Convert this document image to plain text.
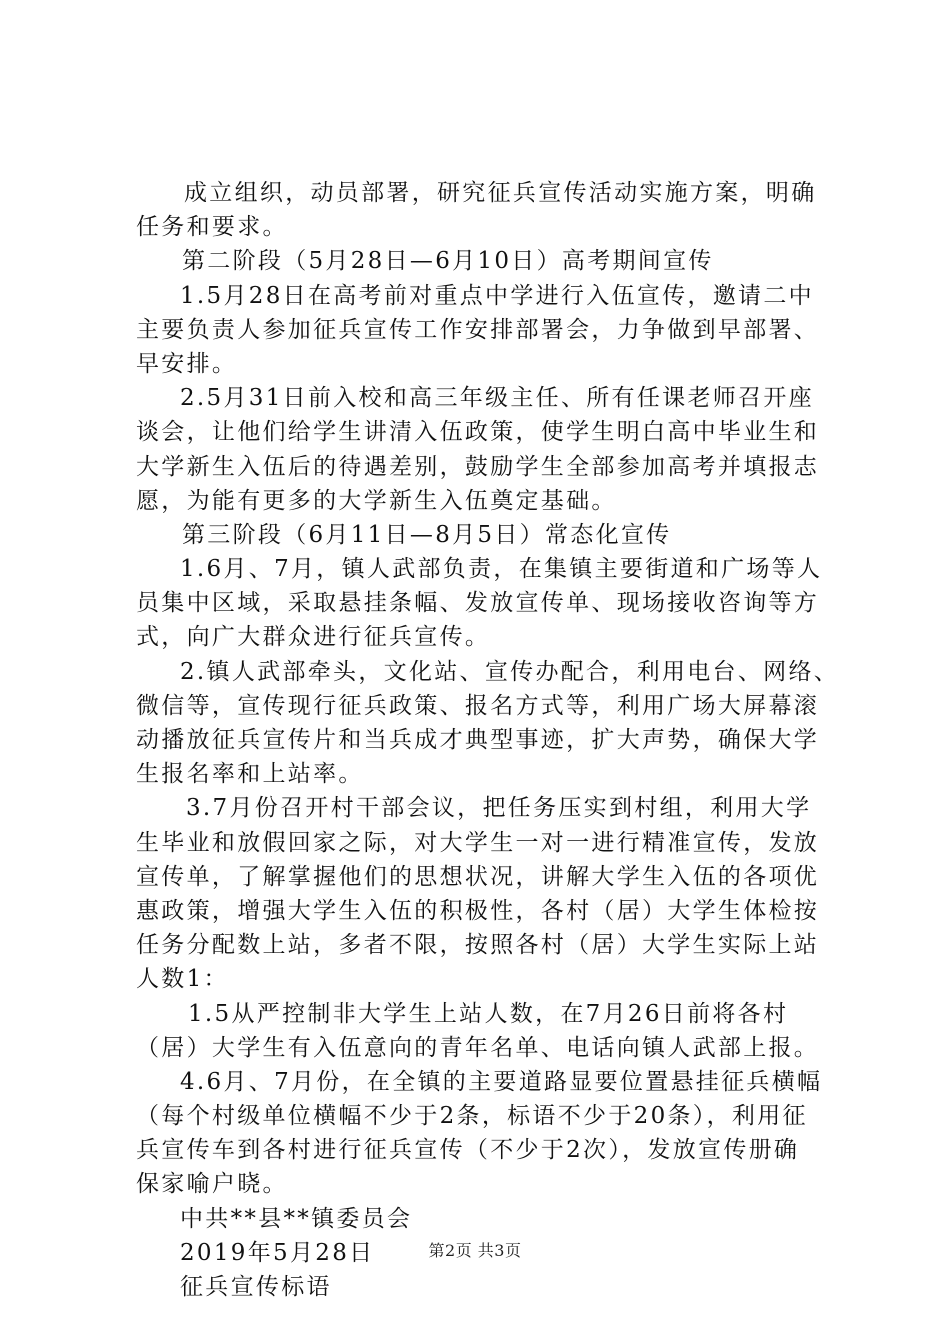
成立组织，动员部署，研究征兵宣传活动实施方案，明确

任务和要求。

第二阶段（5月28日—6月10日）高考期间宣传

1.5月28日在高考前对重点中学进行入伍宣传，邀请二中

主要负责人参加征兵宣传工作安排部署会，力争做到早部署、

早安排。

2.5月31日前入校和高三年级主任、所有任课老师召开座

谈会，让他们给学生讲清入伍政策，使学生明白高中毕业生和

大学新生入伍后的待遇差别，鼓励学生全部参加高考并填报志

愿，为能有更多的大学新生入伍奠定基础。

第三阶段（6月11日—8月5日）常态化宣传

1.6月、7月，镇人武部负责，在集镇主要街道和广场等人

员集中区域，采取悬挂条幅、发放宣传单、现场接收咨询等方

式，向广大群众进行征兵宣传。

2.镇人武部牵头，文化站、宣传办配合，利用电台、网络、

微信等，宣传现行征兵政策、报名方式等，利用广场大屏幕滚

动播放征兵宣传片和当兵成才典型事迹，扩大声势，确保大学

生报名率和上站率。

3.7月份召开村干部会议，把任务压实到村组，利用大学

生毕业和放假回家之际，对大学生一对一进行精准宣传，发放

宣传单，了解掌握他们的思想状况，讲解大学生入伍的各项优

惠政策，增强大学生入伍的积极性，各村（居）大学生体检按

任务分配数上站，多者不限，按照各村（居）大学生实际上站

人数1：

1.5从严控制非大学生上站人数，在7月26日前将各村

（居）大学生有入伍意向的青年名单、电话向镇人武部上报。

4.6月、7月份，在全镇的主要道路显要位置悬挂征兵横幅

（每个村级单位横幅不少于2条，标语不少于20条），利用征

兵宣传车到各村进行征兵宣传（不少于2次），发放宣传册确

保家喻户晓。

中共**县**镇委员会

2019年5月28日

征兵宣传标语

第2页 共3页
